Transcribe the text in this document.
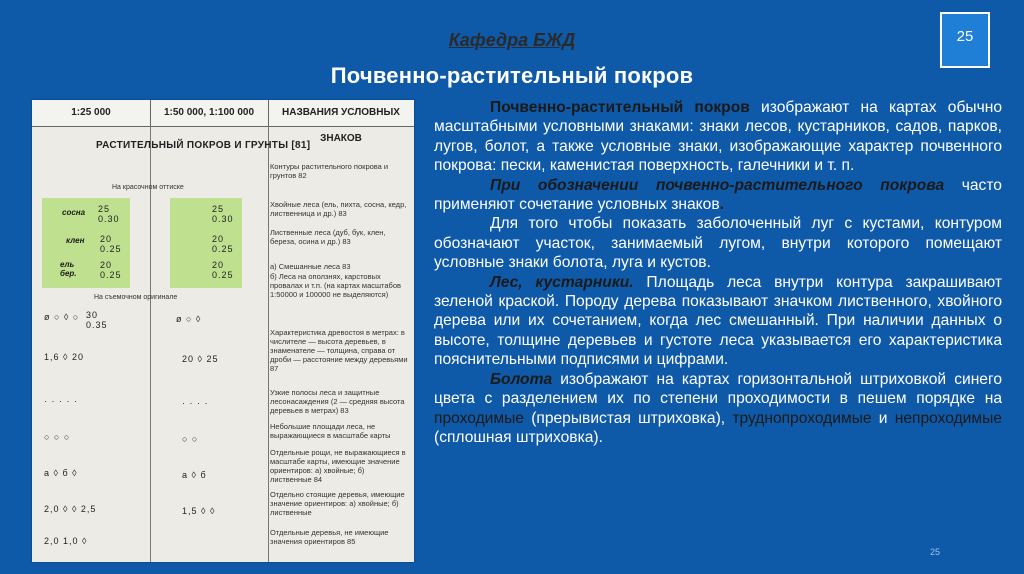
Кафедра БЖД
Почвенно-растительный покров
25
1:25 000	1:50 000, 1:100 000	НАЗВАНИЯ УСЛОВНЫХ ЗНАКОВ
РАСТИТЕЛЬНЫЙ ПОКРОВ И ГРУНТЫ [81]
На красочном оттиске
сосна
клен
ель бер.
25
0.30
20
0.25
20
0.25
25
0.30
20
0.25
20
0.25
На съемочном оригинале
ø ○ ◊ ○ 30
0.35
1,6 ◊ 20
· · · · ·
○ ○ ○
а ◊ б ◊
2,0 ◊ ◊ 2,5
2,0 1,0 ◊
ø ○ ◊
20 ◊ 25
· · · ·
○ ○
а ◊ б
1,5 ◊ ◊
Контуры растительного покрова и грунтов 82
Хвойные леса (ель, пихта, сосна, кедр, лиственница и др.) 83
Лиственные леса (дуб, бук, клен, береза, осина и др.) 83
а) Смешанные леса 83
б) Леса на оползнях, карстовых провалах и т.п. (на картах масштабов 1:50000 и 100000 не выделяются)
Характеристика древостоя в метрах: в числителе — высота деревьев, в знаменателе — толщина, справа от дроби — расстояние между деревьями 87
Узкие полосы леса и защитные лесонасаждения (2 — средняя высота деревьев в метрах) 83
Небольшие площади леса, не выражающиеся в масштабе карты
Отдельные рощи, не выражающиеся в масштабе карты, имеющие значение ориентиров: а) хвойные; б) лиственные 84
Отдельно стоящие деревья, имеющие значение ориентиров: а) хвойные; б) лиственные
Отдельные деревья, не имеющие значения ориентиров 85

Почвенно-растительный покров изображают на картах обычно масштабными условными знаками: знаки лесов, кустарников, садов, парков, лугов, болот, а также условные знаки, изображающие характер почвенного покрова: пески, каменистая поверхность, галечники и т. п.

При обозначении почвенно-растительного покрова часто применяют сочетание условных знаков.

Для того чтобы показать заболоченный луг с кустами, контуром обозначают участок, занимаемый лугом, внутри которого помещают условные знаки болота, луга и кустов.

Лес, кустарники. Площадь леса внутри контура закрашивают зеленой краской. Породу дерева показывают значком лиственного, хвойного дерева или их сочетанием, когда лес смешанный. При наличии данных о высоте, толщине деревьев и густоте леса указывается его характеристика пояснительными подписями и цифрами.

Болота изображают на картах горизонтальной штриховкой синего цвета с разделением их по степени проходимости в пешем порядке на проходимые (прерывистая штриховка), труднопроходимые и непроходимые (сплошная штриховка).

25
